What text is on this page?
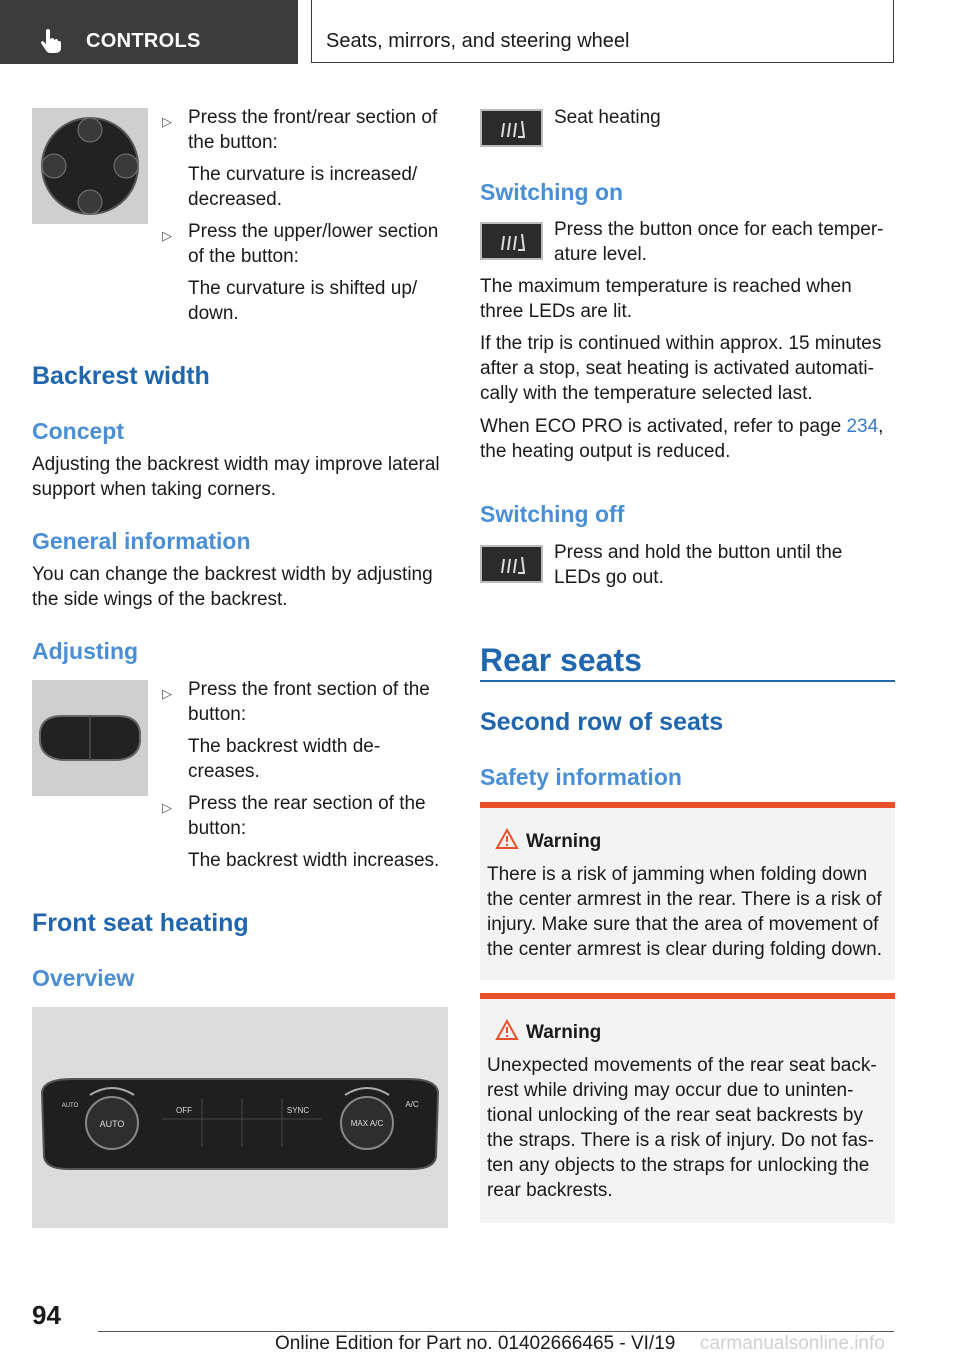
CONTROLS	Seats, mirrors, and steering wheel
▷ Press the front/rear section of the button:
The curvature is increased/ decreased.
▷ Press the upper/lower section of the button:
The curvature is shifted up/ down.
Backrest width
Concept
Adjusting the backrest width may improve lateral support when taking corners.
General information
You can change the backrest width by adjusting the side wings of the backrest.
Adjusting
▷ Press the front section of the button:
The backrest width de- creases.
▷ Press the rear section of the button:
The backrest width increases.
Front seat heating
Overview
AUTO
OFF	SYNC
MAX A/C
A/C
AUTO
Seat heating
Switching on
Press the button once for each temper- ature level.
The maximum temperature is reached when three LEDs are lit.
If the trip is continued within approx. 15 minutes after a stop, seat heating is activated automati- cally with the temperature selected last.
When ECO PRO is activated, refer to page 234, the heating output is reduced.
Switching off
Press and hold the button until the LEDs go out.
Rear seats
Second row of seats
Safety information
Warning
There is a risk of jamming when folding down the center armrest in the rear. There is a risk of injury. Make sure that the area of movement of the center armrest is clear during folding down.
Warning
Unexpected movements of the rear seat back- rest while driving may occur due to uninten- tional unlocking of the rear seat backrests by the straps. There is a risk of injury. Do not fas- ten any objects to the straps for unlocking the rear backrests.
94
Online Edition for Part no. 01402666465 - VI/19 carmanualsonline.info
